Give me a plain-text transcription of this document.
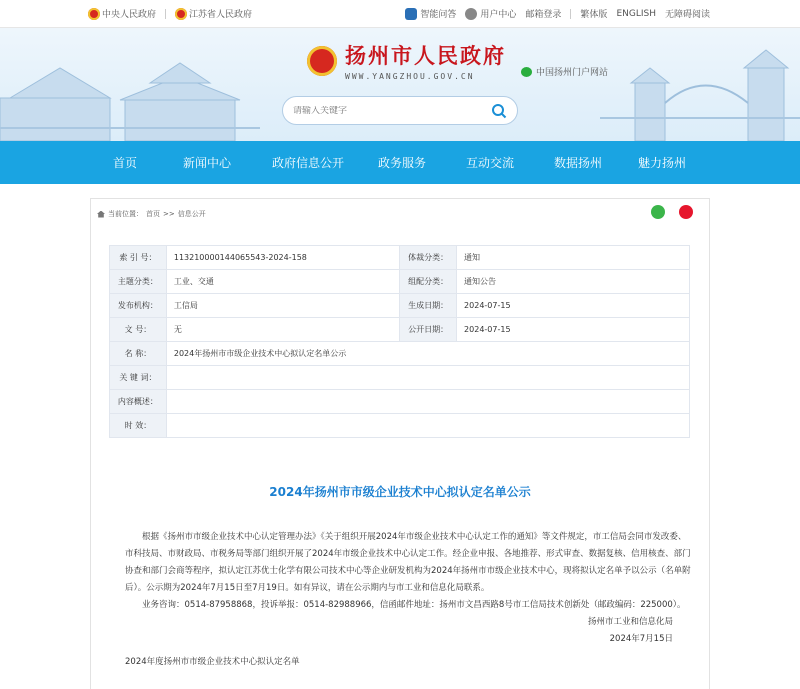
中央人民政府	江苏省人民政府	智能问答	用户中心 邮箱登录 繁体版 ENGLISH 无障碍阅读
扬州市人民政府
WWW.YANGZHOU.GOV.CN	中国扬州门户网站
请输入关键字
首页	新闻中心	政府信息公开	政务服务	互动交流	数据扬州	魅力扬州
当前位置： 首页 >> 信息公开
索 引 号：	113210000144065543-2024-158	体裁分类：	通知
主题分类：	工业、交通	组配分类：	通知公告
发布机构：	工信局	生成日期：	2024-07-15
文 号：	无	公开日期：	2024-07-15
名 称：	2024年扬州市市级企业技术中心拟认定名单公示		
关 键 词：			
内容概述：			
时 效：			
2024年扬州市市级企业技术中心拟认定名单公示

根据《扬州市市级企业技术中心认定管理办法》《关于组织开展2024年市级企业技术中心认定工作的通知》等文件规定，市工信局会同市发改委、市科技局、市财政局、市税务局等部门组织开展了2024年市级企业技术中心认定工作。经企业申报、各地推荐、形式审查、数据复核、信用核查、部门协查和部门会商等程序，拟认定江苏优士化学有限公司技术中心等企业研发机构为2024年扬州市市级企业技术中心，现将拟认定名单予以公示（名单附后）。公示期为2024年7月15日至7月19日。如有异议，请在公示期内与市工业和信息化局联系。

业务咨询：0514-87958868，投诉举报：0514-82988966，信函邮件地址：扬州市文昌西路8号市工信局技术创新处（邮政编码：225000）。

扬州市工业和信息化局
2024年7月15日
2024年度扬州市市级企业技术中心拟认定名单
